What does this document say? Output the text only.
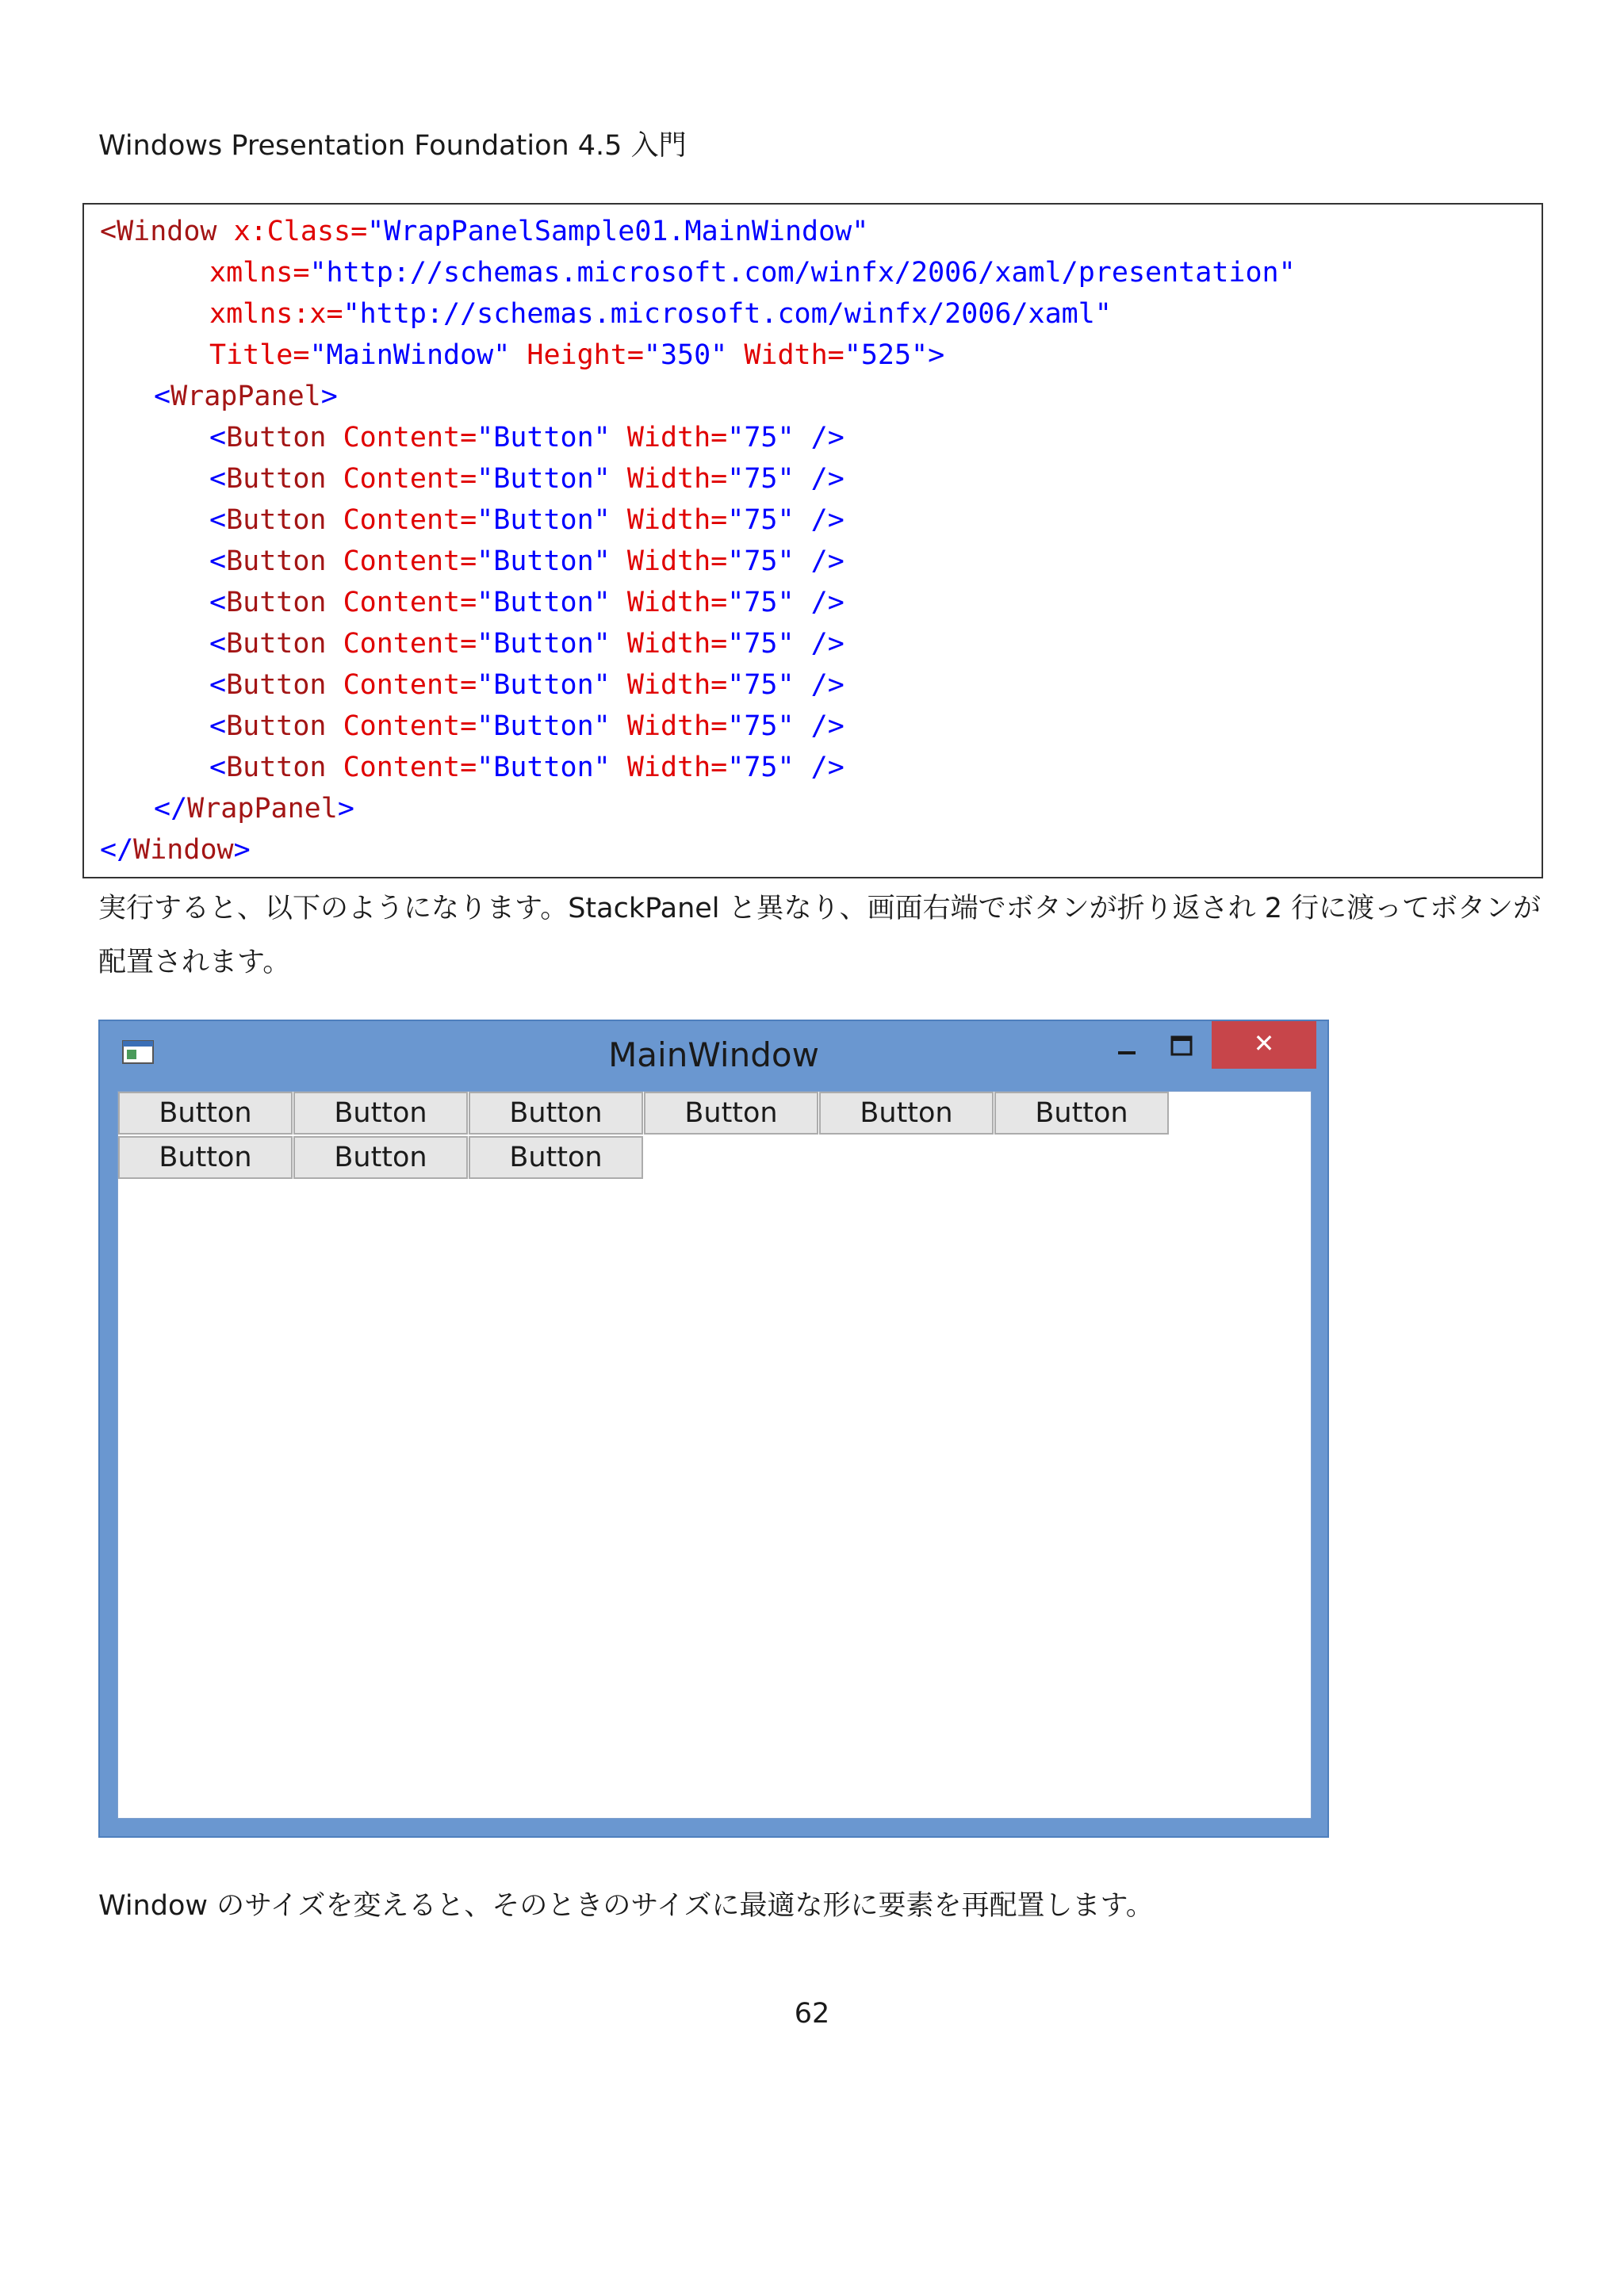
Windows Presentation Foundation 4.5 入門
<Window x:Class="WrapPanelSample01.MainWindow"
xmlns="http://schemas.microsoft.com/winfx/2006/xaml/presentation"
xmlns:x="http://schemas.microsoft.com/winfx/2006/xaml"
Title="MainWindow" Height="350" Width="525">
<WrapPanel>
<Button Content="Button" Width="75" />
<Button Content="Button" Width="75" />
<Button Content="Button" Width="75" />
<Button Content="Button" Width="75" />
<Button Content="Button" Width="75" />
<Button Content="Button" Width="75" />
<Button Content="Button" Width="75" />
<Button Content="Button" Width="75" />
<Button Content="Button" Width="75" />
</WrapPanel>
</Window>
実行すると、以下のようになります。StackPanel と異なり、画面右端でボタンが折り返され 2 行に渡ってボタンが
配置されます。
MainWindow	✕
Button	Button	Button	Button	Button	Button
Button	Button	Button
Window のサイズを変えると、そのときのサイズに最適な形に要素を再配置します。
62
